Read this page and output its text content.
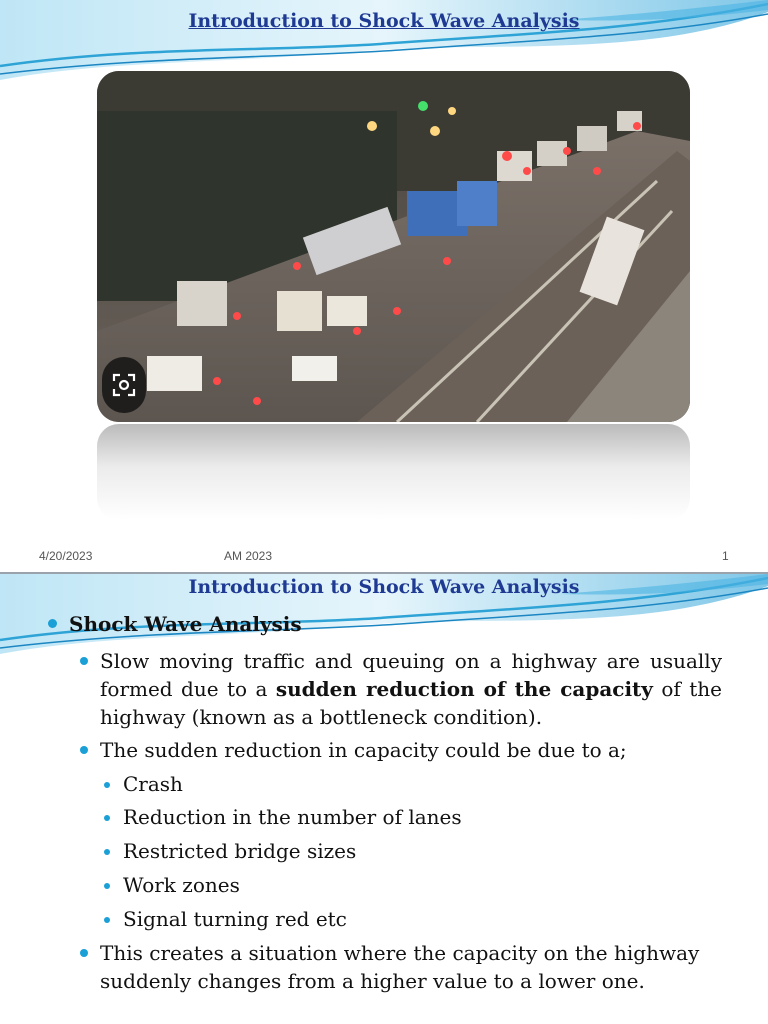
Introduction to Shock Wave Analysis
4/20/2023	AM 2023	1
Introduction to Shock Wave Analysis
Shock Wave Analysis
Slow moving traffic and queuing on a highway are usually formed due to a sudden reduction of the capacity of the highway (known as a bottleneck condition).
The sudden reduction in capacity could be due to a;
Crash
Reduction in the number of lanes
Restricted bridge sizes
Work zones
Signal turning red etc
This creates a situation where the capacity on the highway suddenly changes from a higher value to a lower one.
